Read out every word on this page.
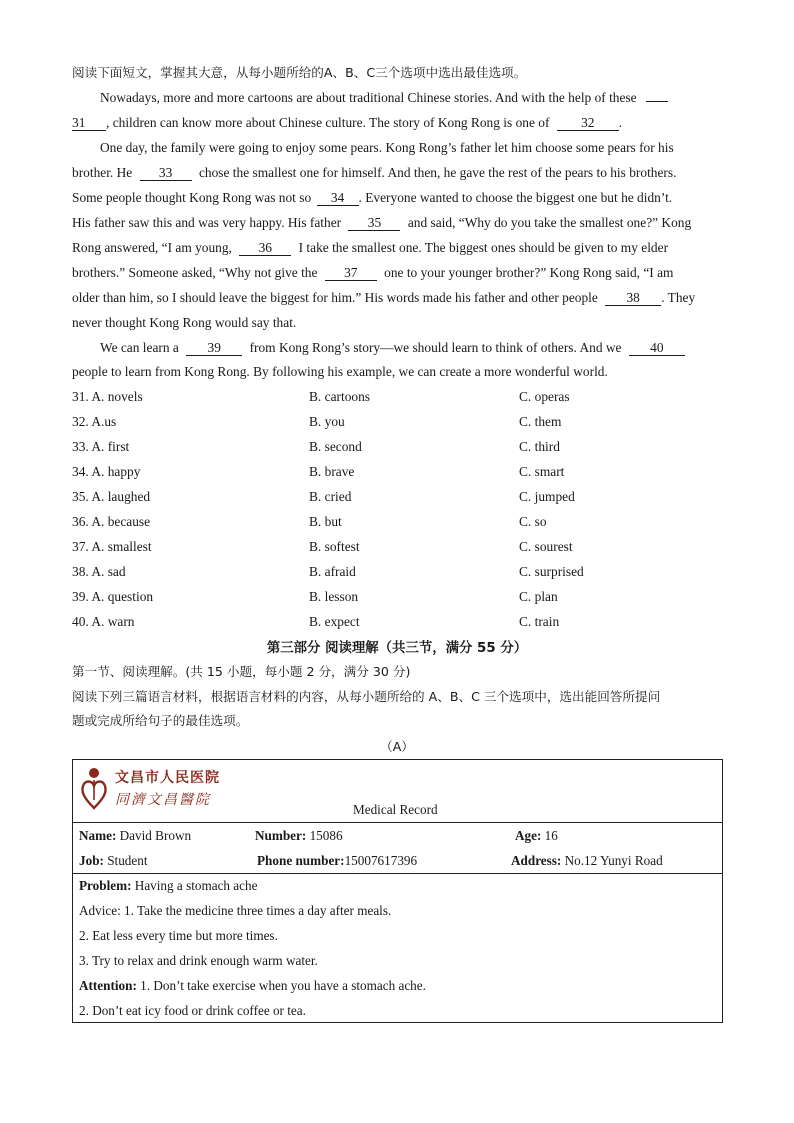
阅读下面短文，掌握其大意，从每小题所给的A、B、C三个选项中选出最佳选项。
Nowadays, more and more cartoons are about traditional Chinese stories. And with the help of these
31 , children can know more about Chinese culture. The story of Kong Rong is one of 32 .
One day, the family were going to enjoy some pears. Kong Rong’s father let him choose some pears for his
brother. He 33 chose the smallest one for himself. And then, he gave the rest of the pears to his brothers.
Some people thought Kong Rong was not so 34 . Everyone wanted to choose the biggest one but he didn’t.
His father saw this and was very happy. His father 35 and said, “Why do you take the smallest one?” Kong
Rong answered, “I am young, 36 I take the smallest one. The biggest ones should be given to my elder
brothers.” Someone asked, “Why not give the 37 one to your younger brother?” Kong Rong said, “I am
older than him, so I should leave the biggest for him.” His words made his father and other people 38 . They
never thought Kong Rong would say that.
We can learn a 39 from Kong Rong’s story—we should learn to think of others. And we 40
people to learn from Kong Rong. By following his example, we can create a more wonderful world.
31. A. novels	B. cartoons	C. operas
32. A.us	B. you	C. them
33. A. first	B. second	C. third
34. A. happy	B. brave	C. smart
35. A. laughed	B. cried	C. jumped
36. A. because	B. but	C. so
37. A. smallest	B. softest	C. sourest
38. A. sad	B. afraid	C. surprised
39. A. question	B. lesson	C. plan
40. A. warn	B. expect	C. train
第三部分 阅读理解（共三节，满分 55 分）
第一节、阅读理解。(共 15 小题，每小题 2 分，满分 30 分)
阅读下列三篇语言材料，根据语言材料的内容，从每小题所给的 A、B、C 三个选项中，选出能回答所提问
题或完成所给句子的最佳选项。
（A）
文昌市人民医院
同濟文昌醫院
Medical Record
Name: David Brown	Number: 15086	Age: 16
Job: Student	Phone number:15007617396	Address: No.12 Yunyi Road
Problem: Having a stomach ache
Advice: 1. Take the medicine three times a day after meals.
2. Eat less every time but more times.
3. Try to relax and drink enough warm water.
Attention: 1. Don’t take exercise when you have a stomach ache.
2. Don’t eat icy food or drink coffee or tea.
